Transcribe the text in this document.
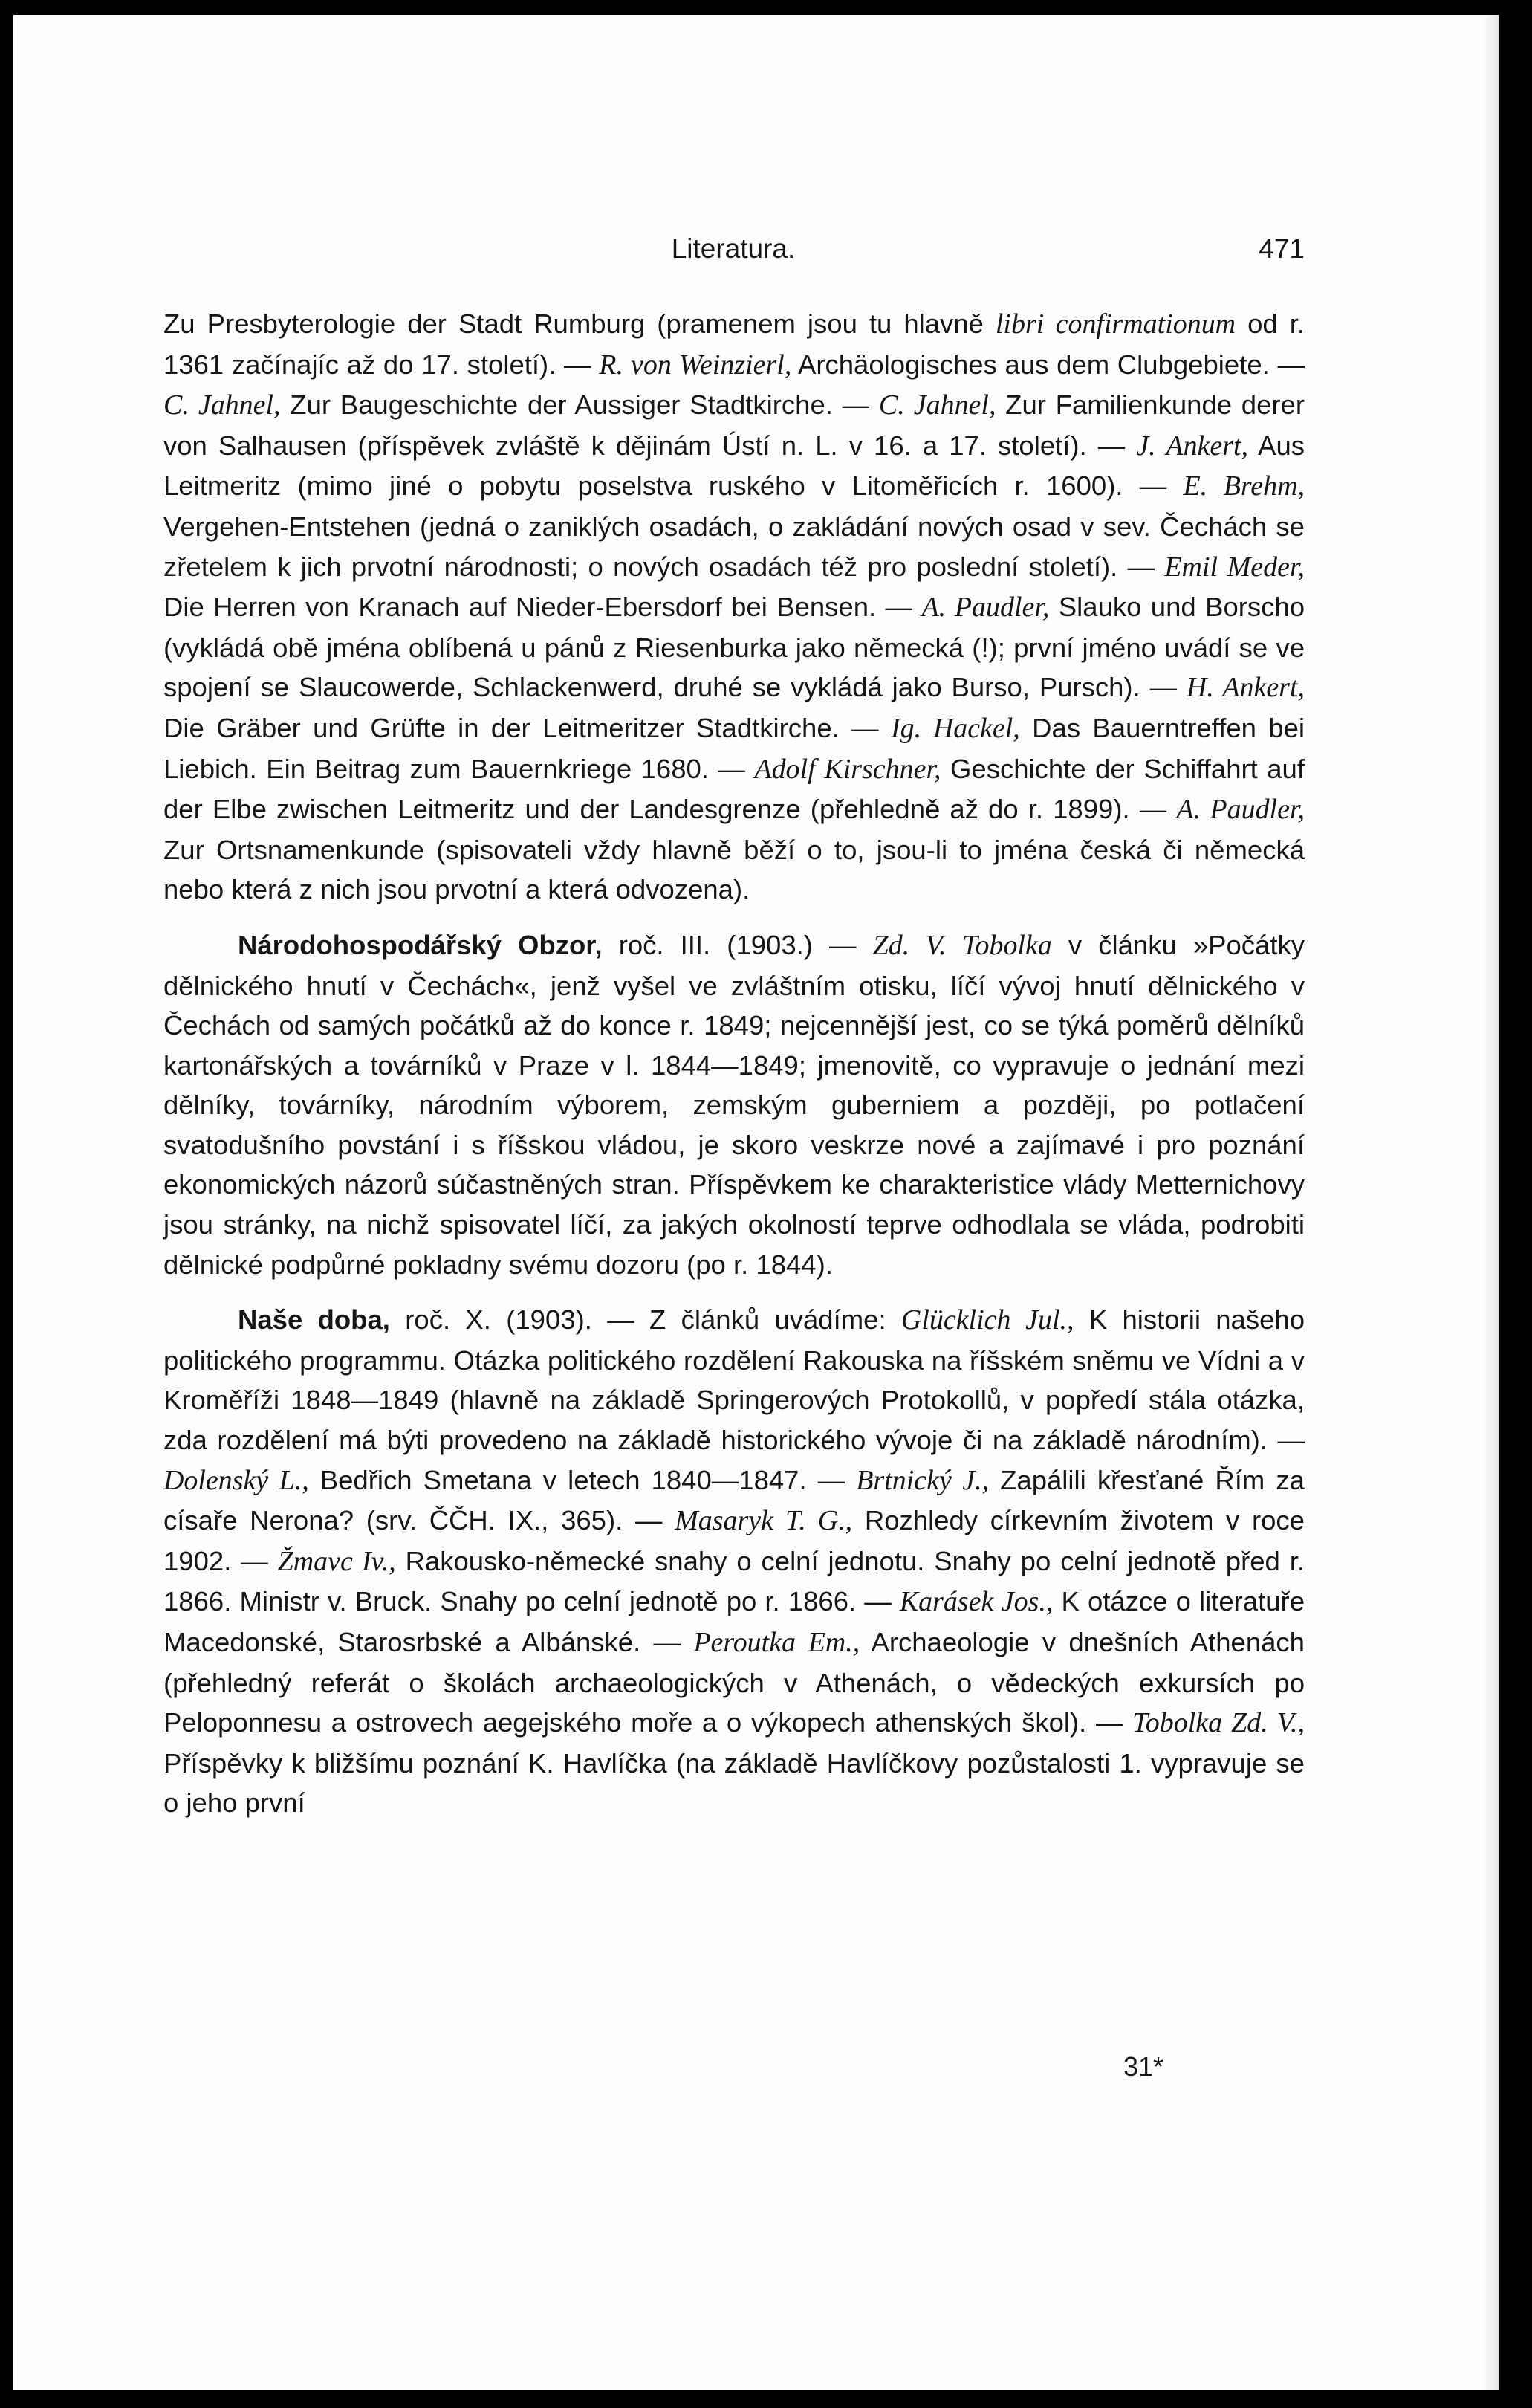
Literatura.	471

Zu Presbyterologie der Stadt Rumburg (pramenem jsou tu hlavně libri confirmationum od r. 1361 začínajíc až do 17. století). — R. von Weinzierl, Archäologisches aus dem Clubgebiete. — C. Jahnel, Zur Baugeschichte der Aussiger Stadtkirche. — C. Jahnel, Zur Familienkunde derer von Salhausen (příspěvek zvláště k dějinám Ústí n. L. v 16. a 17. století). — J. Ankert, Aus Leitmeritz (mimo jiné o pobytu poselstva ruského v Litoměřicích r. 1600). — E. Brehm, Vergehen-Entstehen (jedná o zaniklých osadách, o zakládání nových osad v sev. Čechách se zřetelem k jich prvotní národnosti; o nových osadách též pro poslední století). — Emil Meder, Die Herren von Kranach auf Nieder-Ebersdorf bei Bensen. — A. Paudler, Slauko und Borscho (vykládá obě jména oblíbená u pánů z Riesenburka jako německá (!); první jméno uvádí se ve spojení se Slaucowerde, Schlackenwerd, druhé se vykládá jako Burso, Pursch). — H. Ankert, Die Gräber und Grüfte in der Leitmeritzer Stadtkirche. — Ig. Hackel, Das Bauerntreffen bei Liebich. Ein Beitrag zum Bauernkriege 1680. — Adolf Kirschner, Geschichte der Schiffahrt auf der Elbe zwischen Leitmeritz und der Landesgrenze (přehledně až do r. 1899). — A. Paudler, Zur Ortsnamenkunde (spisovateli vždy hlavně běží o to, jsou-li to jména česká či německá nebo která z nich jsou prvotní a která odvozena).

Národohospodářský Obzor, roč. III. (1903.) — Zd. V. Tobolka v článku »Počátky dělnického hnutí v Čechách«, jenž vyšel ve zvláštním otisku, líčí vývoj hnutí dělnického v Čechách od samých počátků až do konce r. 1849; nejcennější jest, co se týká poměrů dělníků kartonářských a továrníků v Praze v l. 1844—1849; jmenovitě, co vypravuje o jednání mezi dělníky, továrníky, národním výborem, zemským guberniem a později, po potlačení svatodušního povstání i s říšskou vládou, je skoro veskrze nové a zajímavé i pro poznání ekonomických názorů súčastněných stran. Příspěvkem ke charakteristice vlády Metternichovy jsou stránky, na nichž spisovatel líčí, za jakých okolností teprve odhodlala se vláda, podrobiti dělnické podpůrné pokladny svému dozoru (po r. 1844).

Naše doba, roč. X. (1903). — Z článků uvádíme: Glücklich Jul., K historii našeho politického programmu. Otázka politického rozdělení Rakouska na říšském sněmu ve Vídni a v Kroměříži 1848—1849 (hlavně na základě Springerových Protokollů, v popředí stála otázka, zda rozdělení má býti provedeno na základě historického vývoje či na základě národním). — Dolenský L., Bedřich Smetana v letech 1840—1847. — Brtnický J., Zapálili křesťané Řím za císaře Nerona? (srv. ČČH. IX., 365). — Masaryk T. G., Rozhledy církevním životem v roce 1902. — Žmavc Iv., Rakousko-německé snahy o celní jednotu. Snahy po celní jednotě před r. 1866. Ministr v. Bruck. Snahy po celní jednotě po r. 1866. — Karásek Jos., K otázce o literatuře Macedonské, Starosrbské a Albánské. — Peroutka Em., Archaeologie v dnešních Athenách (přehledný referát o školách archaeologických v Athenách, o vědeckých exkursích po Peloponnesu a ostrovech aegejského moře a o výkopech athenských škol). — Tobolka Zd. V., Příspěvky k bližšímu poznání K. Havlíčka (na základě Havlíčkovy pozůstalosti 1. vypravuje se o jeho první

31*
